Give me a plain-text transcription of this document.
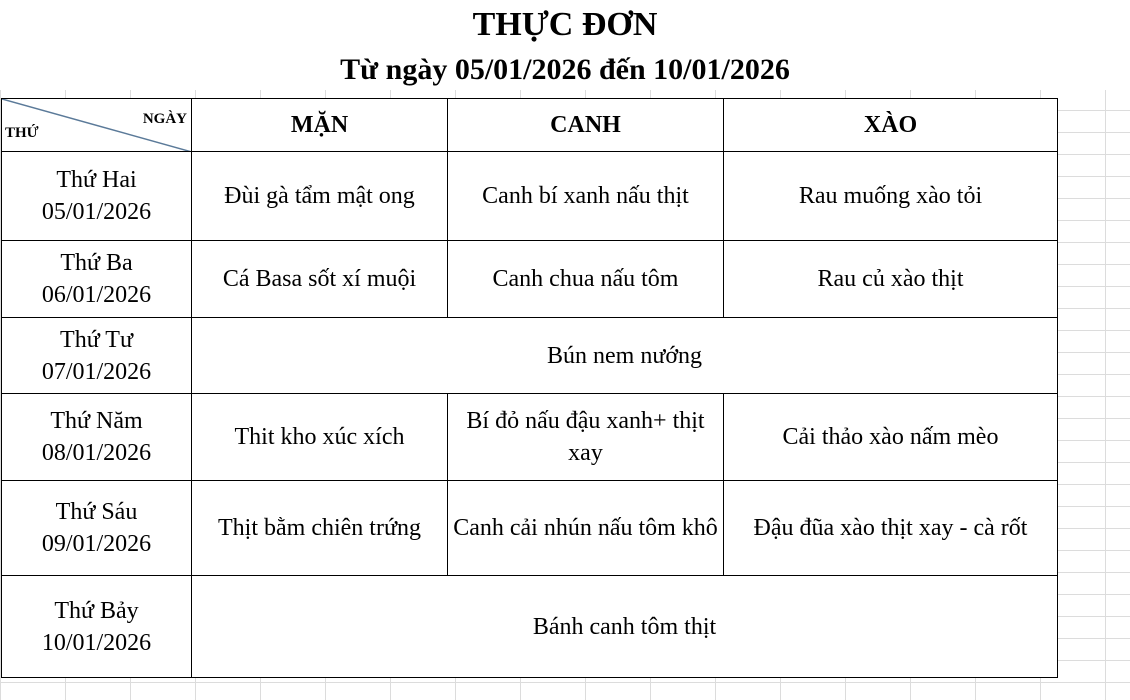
THỰC ĐƠN
Từ ngày 05/01/2026 đến 10/01/2026
NGÀY
THỨ	MẶN	CANH	XÀO

Thứ Hai
05/01/2026	Đùi gà tẩm mật ong	Canh bí xanh nấu thịt	Rau muống xào tỏi

Thứ Ba
06/01/2026	Cá Basa sốt xí muội	Canh chua nấu tôm	Rau củ xào thịt

Thứ Tư
07/01/2026	Bún nem nướng		

Thứ Năm
08/01/2026	Thit kho xúc xích	Bí đỏ nấu đậu xanh+ thịt xay	Cải thảo xào nấm mèo

Thứ Sáu
09/01/2026	Thịt bằm chiên trứng	Canh cải nhún nấu tôm khô	Đậu đũa xào thịt xay - cà rốt

Thứ Bảy
10/01/2026	Bánh canh tôm thịt		
